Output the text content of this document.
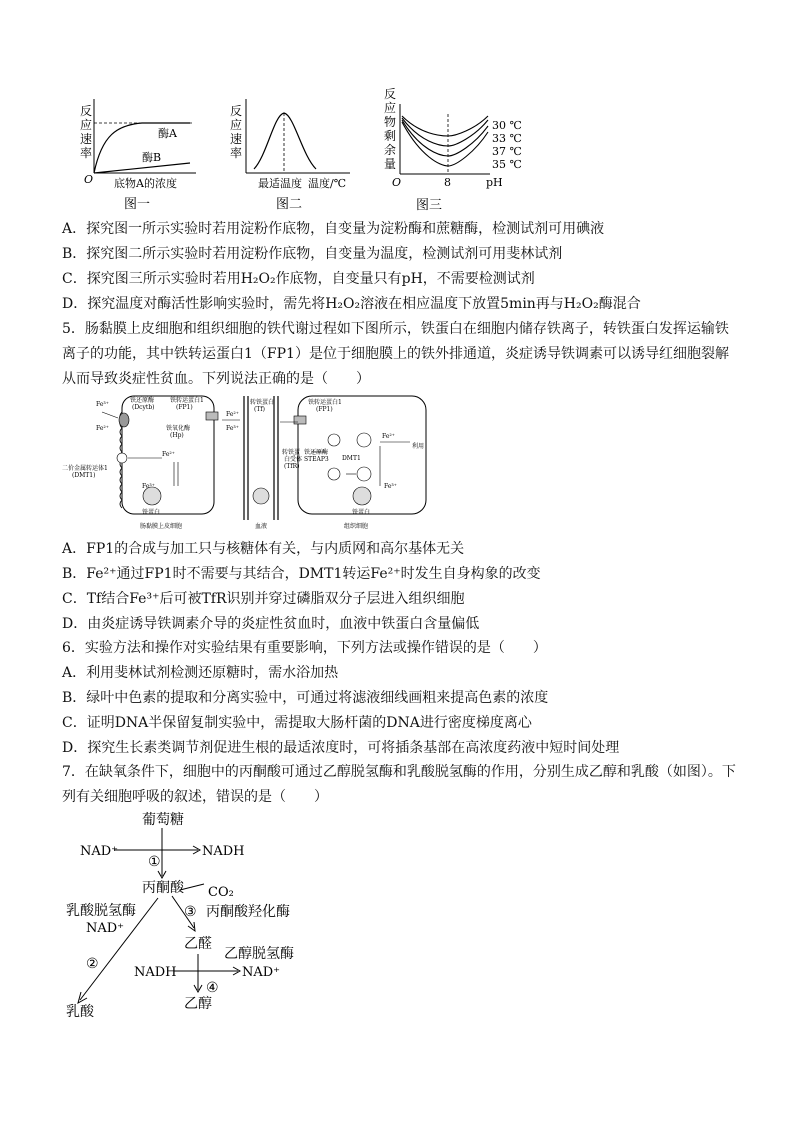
反
应
速
率
酶A
酶B
O 底物A的浓度
图一
反
应
速
率
最适温度 温度/℃
图二
反
应
物
剩
余
量
30 ℃
33 ℃
37 ℃
35 ℃
O	8	pH
图三
A．探究图一所示实验时若用淀粉作底物，自变量为淀粉酶和蔗糖酶，检测试剂可用碘液
B．探究图二所示实验时若用淀粉作底物，自变量为温度，检测试剂可用斐林试剂
C．探究图三所示实验时若用H₂O₂作底物，自变量只有pH，不需要检测试剂
D．探究温度对酶活性影响实验时，需先将H₂O₂溶液在相应温度下放置5min再与H₂O₂酶混合
5．肠黏膜上皮细胞和组织细胞的铁代谢过程如下图所示，铁蛋白在细胞内储存铁离子，转铁蛋白发挥运输铁
离子的功能，其中铁转运蛋白1（FP1）是位于细胞膜上的铁外排通道，炎症诱导铁调素可以诱导红细胞裂解
从而导致炎症性贫血。下列说法正确的是（　　）
铁还原酶
(Dcytb)
铁转运蛋白1
(FP1)
铁氧化酶
(Hp)
二价金属转运体1
(DMT1)
铁蛋白
肠黏膜上皮细胞	血液	组织细胞
转铁蛋白
(Tf)
铁转运蛋白1
(FP1)
转铁蛋
白受体
(TfR)
铁还原酶
STEAP3 DMT1
利用
铁蛋白
Fe³⁺
Fe²⁺
Fe²⁺
Fe²⁺
Fe³⁺
Fe²⁺
Fe³⁺	Fe³⁺
A．FP1的合成与加工只与核糖体有关，与内质网和高尔基体无关
B．Fe²⁺通过FP1时不需要与其结合，DMT1转运Fe²⁺时发生自身构象的改变
C．Tf结合Fe³⁺后可被TfR识别并穿过磷脂双分子层进入组织细胞
D．由炎症诱导铁调素介导的炎症性贫血时，血液中铁蛋白含量偏低
6．实验方法和操作对实验结果有重要影响，下列方法或操作错误的是（　　）
A．利用斐林试剂检测还原糖时，需水浴加热
B．绿叶中色素的提取和分离实验中，可通过将滤液细线画粗来提高色素的浓度
C．证明DNA半保留复制实验中，需提取大肠杆菌的DNA进行密度梯度离心
D．探究生长素类调节剂促进生根的最适浓度时，可将插条基部在高浓度药液中短时间处理
7．在缺氧条件下，细胞中的丙酮酸可通过乙醇脱氢酶和乳酸脱氢酶的作用，分别生成乙醇和乳酸（如图）。下
列有关细胞呼吸的叙述，错误的是（　　）
葡萄糖
NAD⁺	NADH
①
丙酮酸 CO₂
乳酸脱氢酶
NAD⁺
③ 丙酮酸羟化酶
乙醛
乙醇脱氢酶
②
NADH	NAD⁺
④
乙醇
乳酸
